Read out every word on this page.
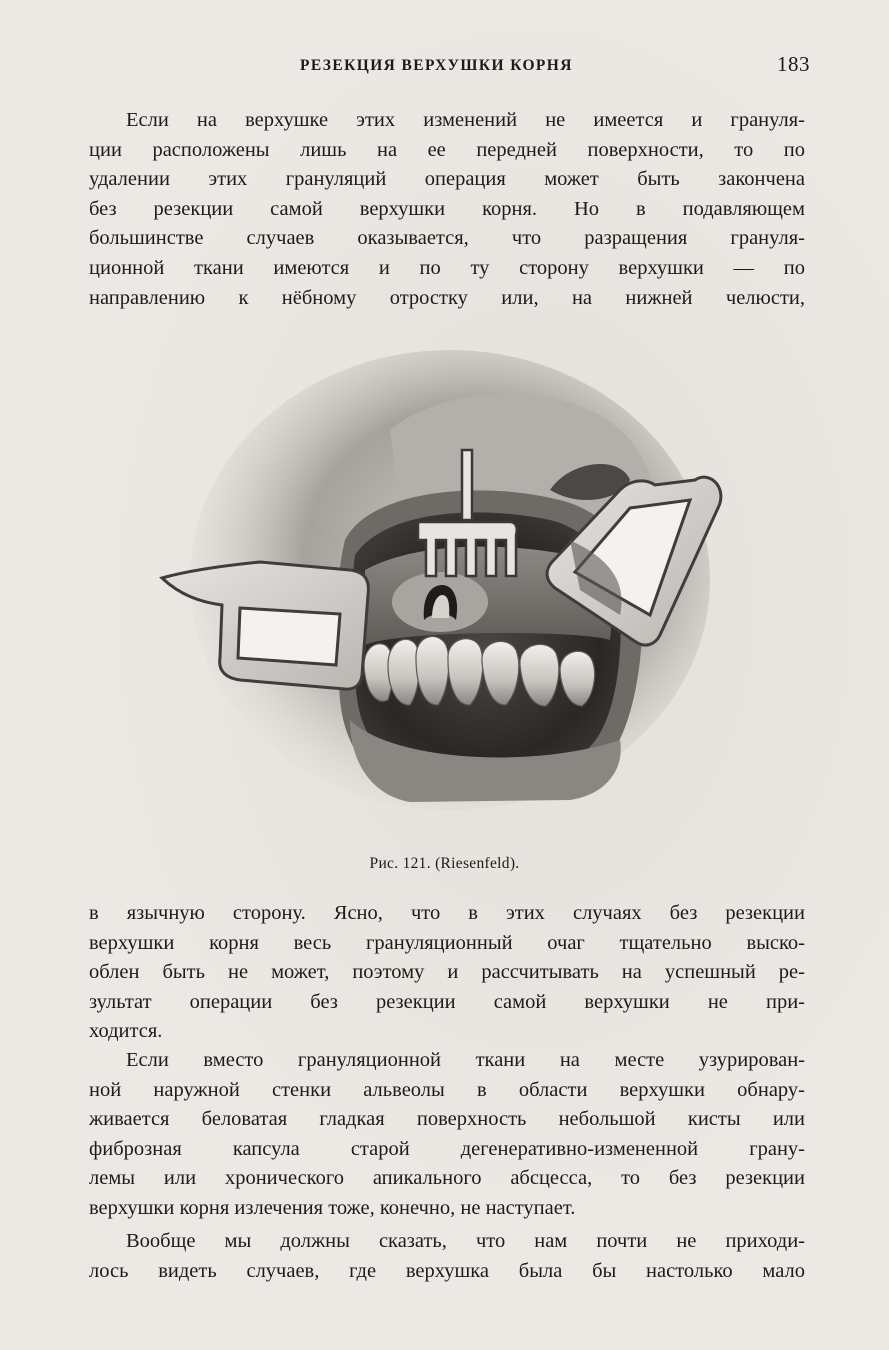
РЕЗЕКЦИЯ ВЕРХУШКИ КОРНЯ	183
Если на верхушке этих изменений не имеется и грануля-
ции расположены лишь на ее передней поверхности, то по
удалении этих грануляций операция может быть закончена
без резекции самой верхушки корня. Но в подавляющем
большинстве случаев оказывается, что разращения грануля-
ционной ткани имеются и по ту сторону верхушки — по
направлению к нёбному отростку или, на нижней челюсти,
Рис. 121. (Riesenfeld).
в язычную сторону. Ясно, что в этих случаях без резекции
верхушки корня весь грануляционный очаг тщательно выско-
облен быть не может, поэтому и рассчитывать на успешный ре-
зультат операции без резекции самой верхушки не при-
ходится.
Если вместо грануляционной ткани на месте узурирован-
ной наружной стенки альвеолы в области верхушки обнару-
живается беловатая гладкая поверхность небольшой кисты или
фиброзная капсула старой дегенеративно-измененной грану-
лемы или хронического апикального абсцесса, то без резекции
верхушки корня излечения тоже, конечно, не наступает.
Вообще мы должны сказать, что нам почти не приходи-
лось видеть случаев, где верхушка была бы настолько мало
